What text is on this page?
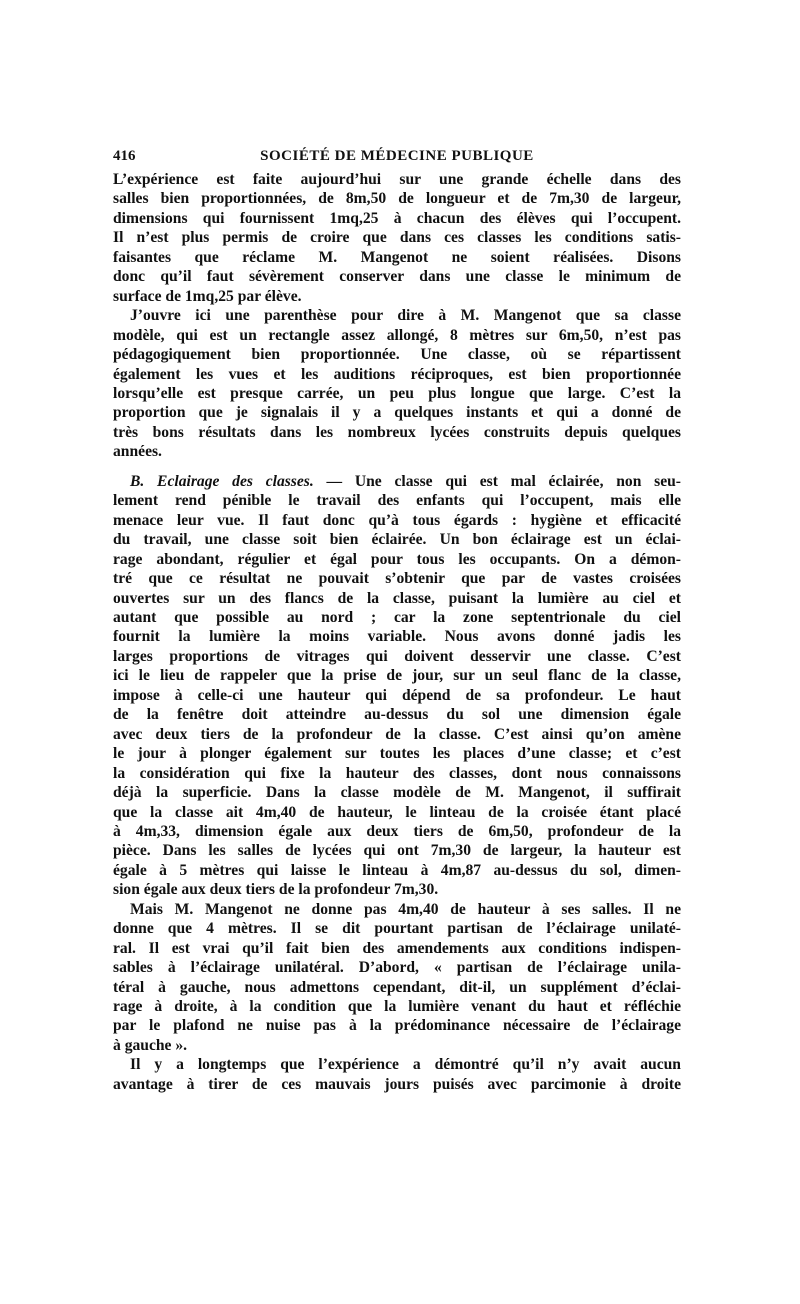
416	SOCIÉTÉ DE MÉDECINE PUBLIQUE

L’expérience est faite aujourd’hui sur une grande échelle dans des
salles bien proportionnées, de 8m,50 de longueur et de 7m,30 de largeur,
dimensions qui fournissent 1mq,25 à chacun des élèves qui l’occupent.
Il n’est plus permis de croire que dans ces classes les conditions satis-
faisantes que réclame M. Mangenot ne soient réalisées. Disons
donc qu’il faut sévèrement conserver dans une classe le minimum de
surface de 1mq,25 par élève.

J’ouvre ici une parenthèse pour dire à M. Mangenot que sa classe
modèle, qui est un rectangle assez allongé, 8 mètres sur 6m,50, n’est pas
pédagogiquement bien proportionnée. Une classe, où se répartissent
également les vues et les auditions réciproques, est bien proportionnée
lorsqu’elle est presque carrée, un peu plus longue que large. C’est la
proportion que je signalais il y a quelques instants et qui a donné de
très bons résultats dans les nombreux lycées construits depuis quelques
années.

B. Eclairage des classes. — Une classe qui est mal éclairée, non seu-
lement rend pénible le travail des enfants qui l’occupent, mais elle
menace leur vue. Il faut donc qu’à tous égards : hygiène et efficacité
du travail, une classe soit bien éclairée. Un bon éclairage est un éclai-
rage abondant, régulier et égal pour tous les occupants. On a démon-
tré que ce résultat ne pouvait s’obtenir que par de vastes croisées
ouvertes sur un des flancs de la classe, puisant la lumière au ciel et
autant que possible au nord ; car la zone septentrionale du ciel
fournit la lumière la moins variable. Nous avons donné jadis les
larges proportions de vitrages qui doivent desservir une classe. C’est
ici le lieu de rappeler que la prise de jour, sur un seul flanc de la classe,
impose à celle-ci une hauteur qui dépend de sa profondeur. Le haut
de la fenêtre doit atteindre au-dessus du sol une dimension égale
avec deux tiers de la profondeur de la classe. C’est ainsi qu’on amène
le jour à plonger également sur toutes les places d’une classe; et c’est
la considération qui fixe la hauteur des classes, dont nous connaissons
déjà la superficie. Dans la classe modèle de M. Mangenot, il suffirait
que la classe ait 4m,40 de hauteur, le linteau de la croisée étant placé
à 4m,33, dimension égale aux deux tiers de 6m,50, profondeur de la
pièce. Dans les salles de lycées qui ont 7m,30 de largeur, la hauteur est
égale à 5 mètres qui laisse le linteau à 4m,87 au-dessus du sol, dimen-
sion égale aux deux tiers de la profondeur 7m,30.

Mais M. Mangenot ne donne pas 4m,40 de hauteur à ses salles. Il ne
donne que 4 mètres. Il se dit pourtant partisan de l’éclairage unilaté-
ral. Il est vrai qu’il fait bien des amendements aux conditions indispen-
sables à l’éclairage unilatéral. D’abord, « partisan de l’éclairage unila-
téral à gauche, nous admettons cependant, dit-il, un supplément d’éclai-
rage à droite, à la condition que la lumière venant du haut et réfléchie
par le plafond ne nuise pas à la prédominance nécessaire de l’éclairage
à gauche ».

Il y a longtemps que l’expérience a démontré qu’il n’y avait aucun
avantage à tirer de ces mauvais jours puisés avec parcimonie à droite
